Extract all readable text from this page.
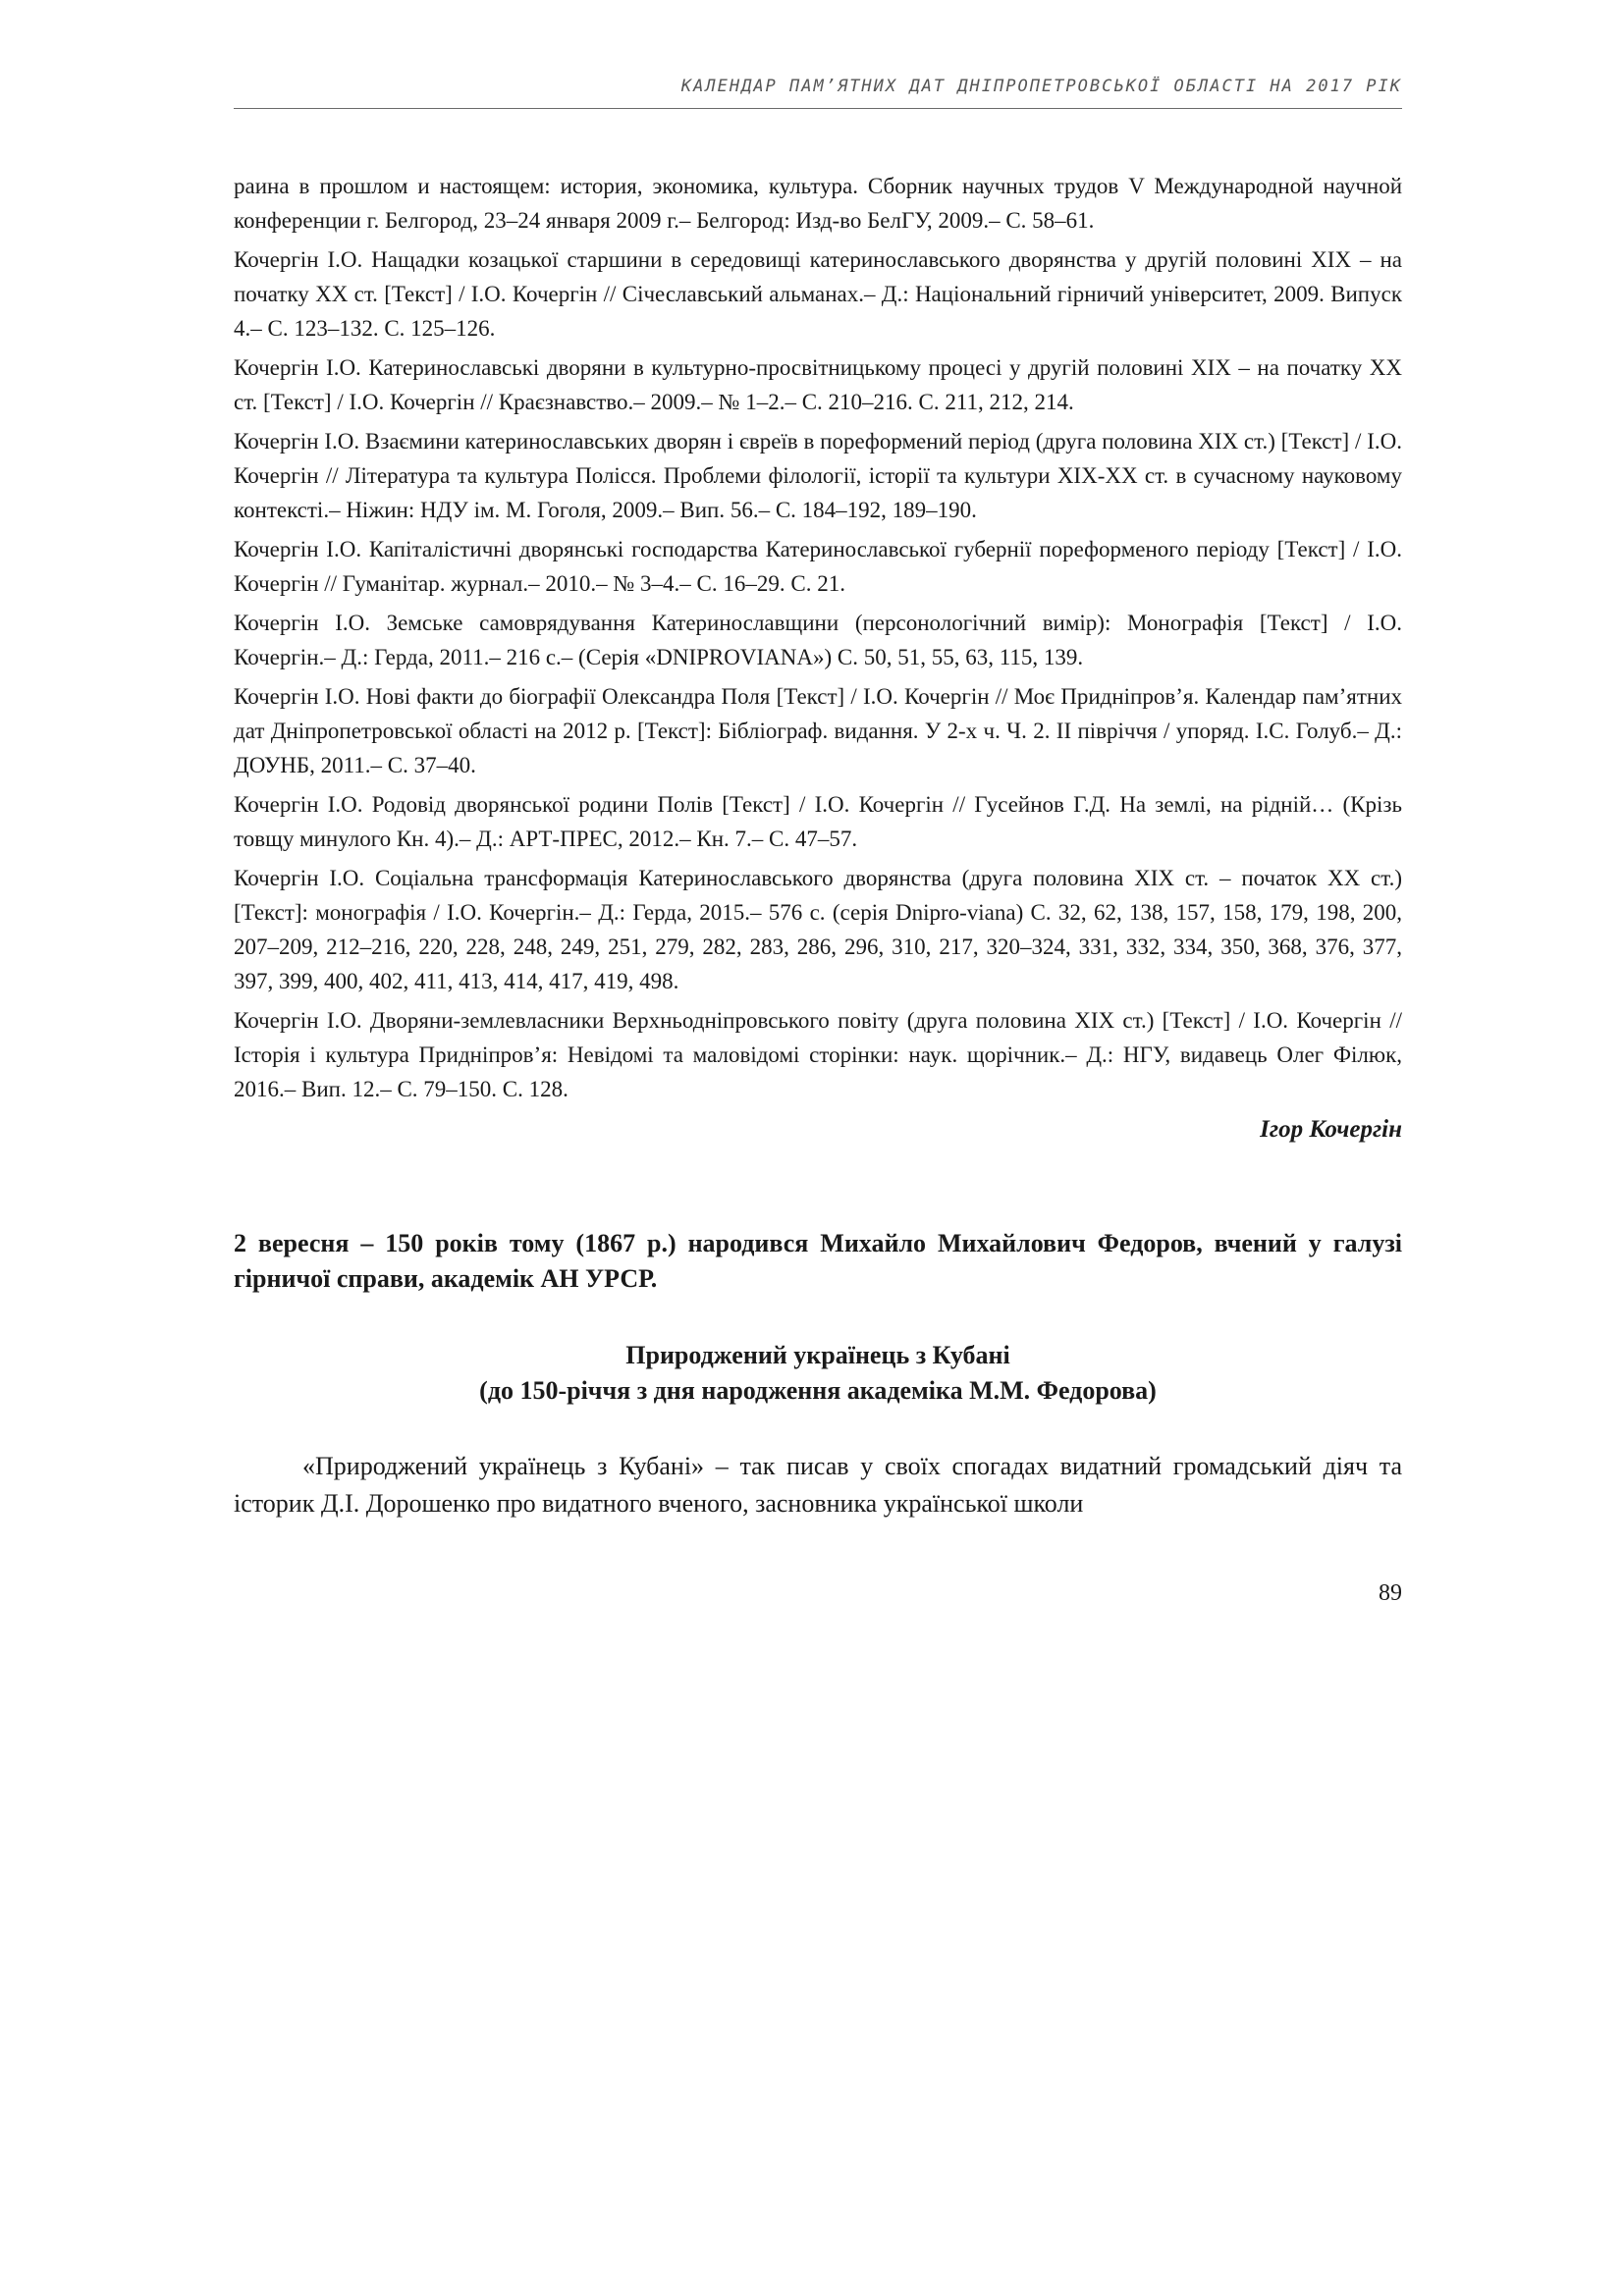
КАЛЕНДАР ПАМ’ЯТНИХ ДАТ ДНІПРОПЕТРОВСЬКОЇ ОБЛАСТІ НА 2017 РІК
раина в прошлом и настоящем: история, экономика, культура. Сборник научных трудов V Международной научной конференции г. Белгород, 23–24 января 2009 г.– Белгород: Изд-во БелГУ, 2009.– С. 58–61.
Кочергін І.О. Нащадки козацької старшини в середовищі катеринославського дворянства у другій половині ХІХ – на початку ХХ ст. [Текст] / І.О. Кочергін // Січеславський альманах.– Д.: Національний гірничий університет, 2009. Випуск 4.– С. 123–132. С. 125–126.
Кочергін І.О. Катеринославські дворяни в культурно-просвітницькому процесі у другій половині ХІХ – на початку ХХ ст. [Текст] / І.О. Кочергін // Краєзнавство.– 2009.– № 1–2.– С. 210–216. С. 211, 212, 214.
Кочергін І.О. Взаємини катеринославських дворян і євреїв в пореформений період (друга половина ХІХ ст.) [Текст] / І.О. Кочергін // Література та культура Полісся. Проблеми філології, історії та культури ХІХ-ХХ ст. в сучасному науковому контексті.– Ніжин: НДУ ім. М. Гоголя, 2009.– Вип. 56.– С. 184–192, 189–190.
Кочергін І.О. Капіталістичні дворянські господарства Катеринославської губернії пореформеного періоду [Текст] / І.О. Кочергін // Гуманітар. журнал.– 2010.– № 3–4.– С. 16–29. С. 21.
Кочергін І.О. Земське самоврядування Катеринославщини (персонологічний вимір): Монографія [Текст] / І.О. Кочергін.– Д.: Герда, 2011.– 216 с.– (Серія «DNIPROVIANA») С. 50, 51, 55, 63, 115, 139.
Кочергін І.О. Нові факти до біографії Олександра Поля [Текст] / І.О. Кочергін // Моє Придніпров’я. Календар пам’ятних дат Дніпропетровської області на 2012 р. [Текст]: Бібліограф. видання. У 2-х ч. Ч. 2. ІІ півріччя / упоряд. І.С. Голуб.– Д.: ДОУНБ, 2011.– С. 37–40.
Кочергін І.О. Родовід дворянської родини Полів [Текст] / І.О. Кочергін // Гусейнов Г.Д. На землі, на рідній… (Крізь товщу минулого Кн. 4).– Д.: АРТ-ПРЕС, 2012.– Кн. 7.– С. 47–57.
Кочергін І.О. Соціальна трансформація Катеринославського дворянства (друга половина ХІХ ст. – початок ХХ ст.) [Текст]: монографія / І.О. Кочергін.– Д.: Герда, 2015.– 576 с. (серія Dnipro-viana) С. 32, 62, 138, 157, 158, 179, 198, 200, 207–209, 212–216, 220, 228, 248, 249, 251, 279, 282, 283, 286, 296, 310, 217, 320–324, 331, 332, 334, 350, 368, 376, 377, 397, 399, 400, 402, 411, 413, 414, 417, 419, 498.
Кочергін І.О. Дворяни-землевласники Верхньодніпровського повіту (друга половина ХІХ ст.) [Текст] / І.О. Кочергін // Історія і культура Придніпров’я: Невідомі та маловідомі сторінки: наук. щорічник.– Д.: НГУ, видавець Олег Філюк, 2016.– Вип. 12.– С. 79–150. С. 128.

Ігор Кочергін

2 вересня – 150 років тому (1867 р.) народився Михайло Михайлович Федоров, вчений у галузі гірничої справи, академік АН УРСР.

Природжений українець з Кубані
(до 150-річчя з дня народження академіка М.М. Федорова)

«Природжений українець з Кубані» – так писав у своїх спогадах видатний громадський діяч та історик Д.І. Дорошенко про видатного вченого, засновника української школи

89
